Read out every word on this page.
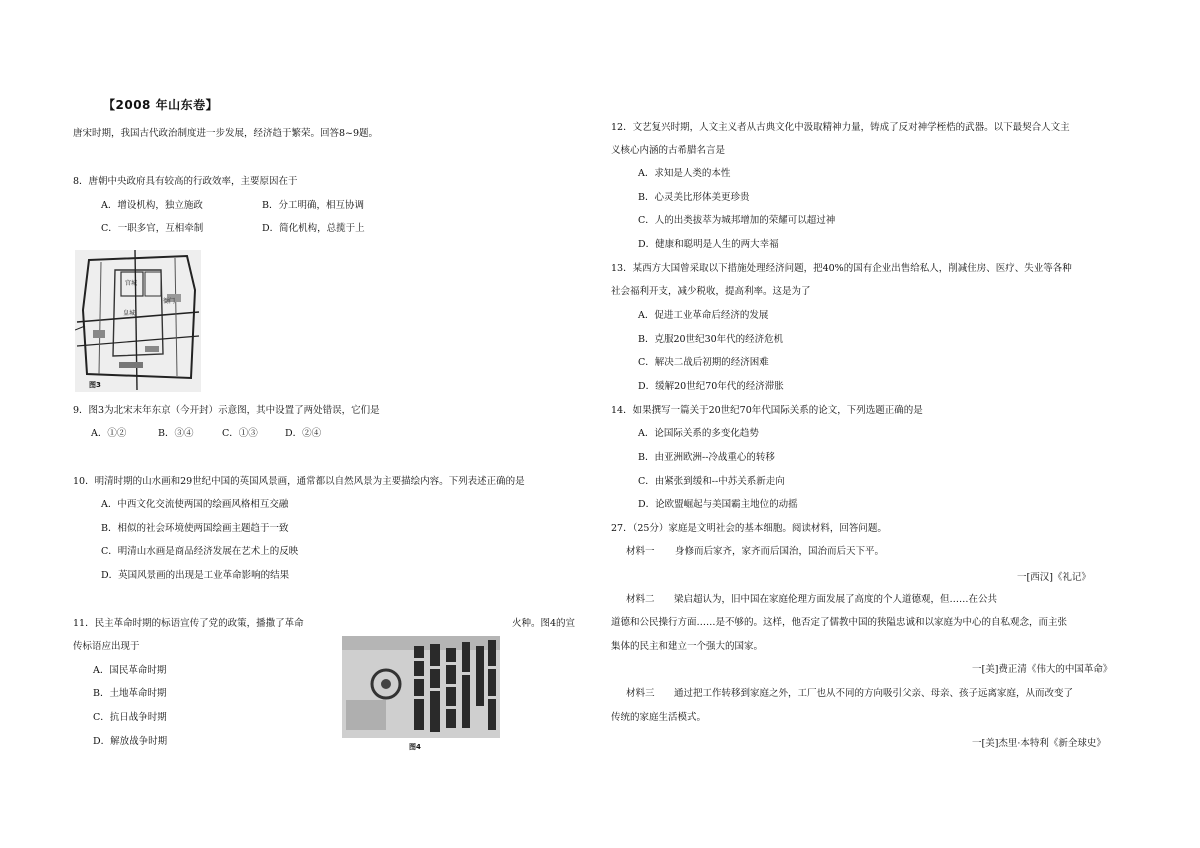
【2008 年山东卷】
唐宋时期，我国古代政治制度进一步发展，经济趋于繁荣。回答8~9题。
8．唐朝中央政府具有较高的行政效率，主要原因在于
A．增设机构，独立施政	B．分工明确，相互协调
C．一职多官，互相牵制	D．简化机构，总揽于上
宫城
皇城
衙门
图3
9．图3为北宋末年东京（今开封）示意图，其中设置了两处错误，它们是
A．①②	B．③④	C．①③	D．②④
10．明清时期的山水画和29世纪中国的英国风景画，通常都以自然风景为主要描绘内容。下列表述正确的是
A．中西文化交流使两国的绘画风格相互交融
B．相似的社会环境使两国绘画主题趋于一致
C．明清山水画是商品经济发展在艺术上的反映
D．英国风景画的出现是工业革命影响的结果
11．民主革命时期的标语宣传了党的政策，播撒了革命	火种。图4的宣
传标语应出现于
A．国民革命时期
B．土地革命时期
C．抗日战争时期
D．解放战争时期	图4
12．文艺复兴时期，人文主义者从古典文化中汲取精神力量，铸成了反对神学桎梏的武器。以下最契合人文主
义核心内涵的古希腊名言是
A．求知是人类的本性
B．心灵美比形体美更珍贵
C．人的出类拔萃为城邦增加的荣耀可以超过神
D．健康和聪明是人生的两大幸福
13．某西方大国曾采取以下措施处理经济问题，把40%的国有企业出售给私人，削减住房、医疗、失业等各种
社会福利开支，减少税收，提高利率。这是为了
A．促进工业革命后经济的发展
B．克服20世纪30年代的经济危机
C．解决二战后初期的经济困难
D．缓解20世纪70年代的经济滞胀
14．如果撰写一篇关于20世纪70年代国际关系的论文，下列选题正确的是
A．论国际关系的多变化趋势
B．由亚洲欧洲--冷战重心的转移
C．由紧张到缓和--中苏关系新走向
D．论欧盟崛起与美国霸主地位的动摇
27．（25分）家庭是文明社会的基本细胞。阅读材料，回答问题。
材料一 身修而后家齐，家齐而后国治，国治而后天下平。
一[西汉]《礼记》
材料二 梁启超认为，旧中国在家庭伦理方面发展了高度的个人道德观，但……在公共
道德和公民操行方面……是不够的。这样，他否定了儒教中国的狭隘忠诚和以家庭为中心的自私观念，而主张
集体的民主和建立一个强大的国家。
一[美]费正清《伟大的中国革命》
材料三 通过把工作转移到家庭之外，工厂也从不同的方向吸引父亲、母亲、孩子远离家庭，从而改变了
传统的家庭生活模式。
一[美]杰里·本特利《新全球史》
